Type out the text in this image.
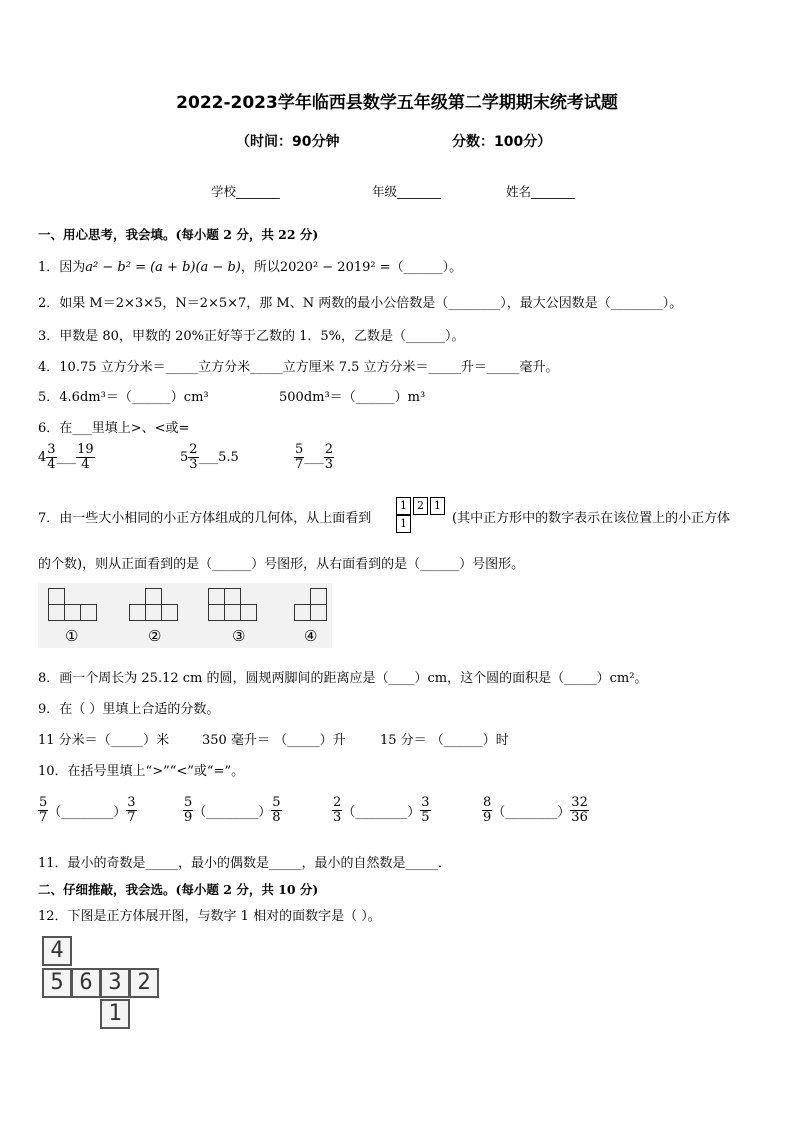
2022-2023学年临西县数学五年级第二学期期末统考试题
（时间：90分钟	分数：100分）
学校_______	年级_______	姓名_______
一、用心思考，我会填。(每小题 2 分，共 22 分)
1．因为a² − b² = (a + b)(a − b)，所以2020² − 2019² =（______）。
2．如果 M＝2×3×5，N＝2×5×7，那 M、N 两数的最小公倍数是（________），最大公因数是（________）。
3．甲数是 80，甲数的 20%正好等于乙数的 1．5%，乙数是（______）。
4．10.75 立方分米＝_____立方分米_____立方厘米 7.5 立方分米＝_____升＝_____毫升。
5．4.6dm³＝（______）cm³	500dm³＝（______）m³
6．在___里填上>、<或=
4
3
4 ___
19
4	5
2
3 ___ 5.5
5
7 ___
2
3
7．由一些大小相同的小正方体组成的几何体，从上面看到
1 2 1
1	(其中正方形中的数字表示在该位置上的小正方体
的个数)，则从正面看到的是（______）号图形，从右面看到的是（______）号图形。
①	②	③	④
8．画一个周长为 25.12 cm 的圆，圆规两脚间的距离应是（____）cm，这个圆的面积是（_____）cm²。
9．在（ ）里填上合适的分数。
11 分米＝（_____）米	350 毫升＝ （_____）升	15 分＝ （______）时
10．在括号里填上“>”“<”或“=”。
5
7 （________）
3
7
5
9 （________）
5
8
2
3 （________）
3
5
8
9 （________）
32
36
11．最小的奇数是_____，最小的偶数是_____，最小的自然数是_____．
二、仔细推敲，我会选。(每小题 2 分，共 10 分)
12．下图是正方体展开图，与数字 1 相对的面数字是（ ）。
4
5 6 3 2
1
